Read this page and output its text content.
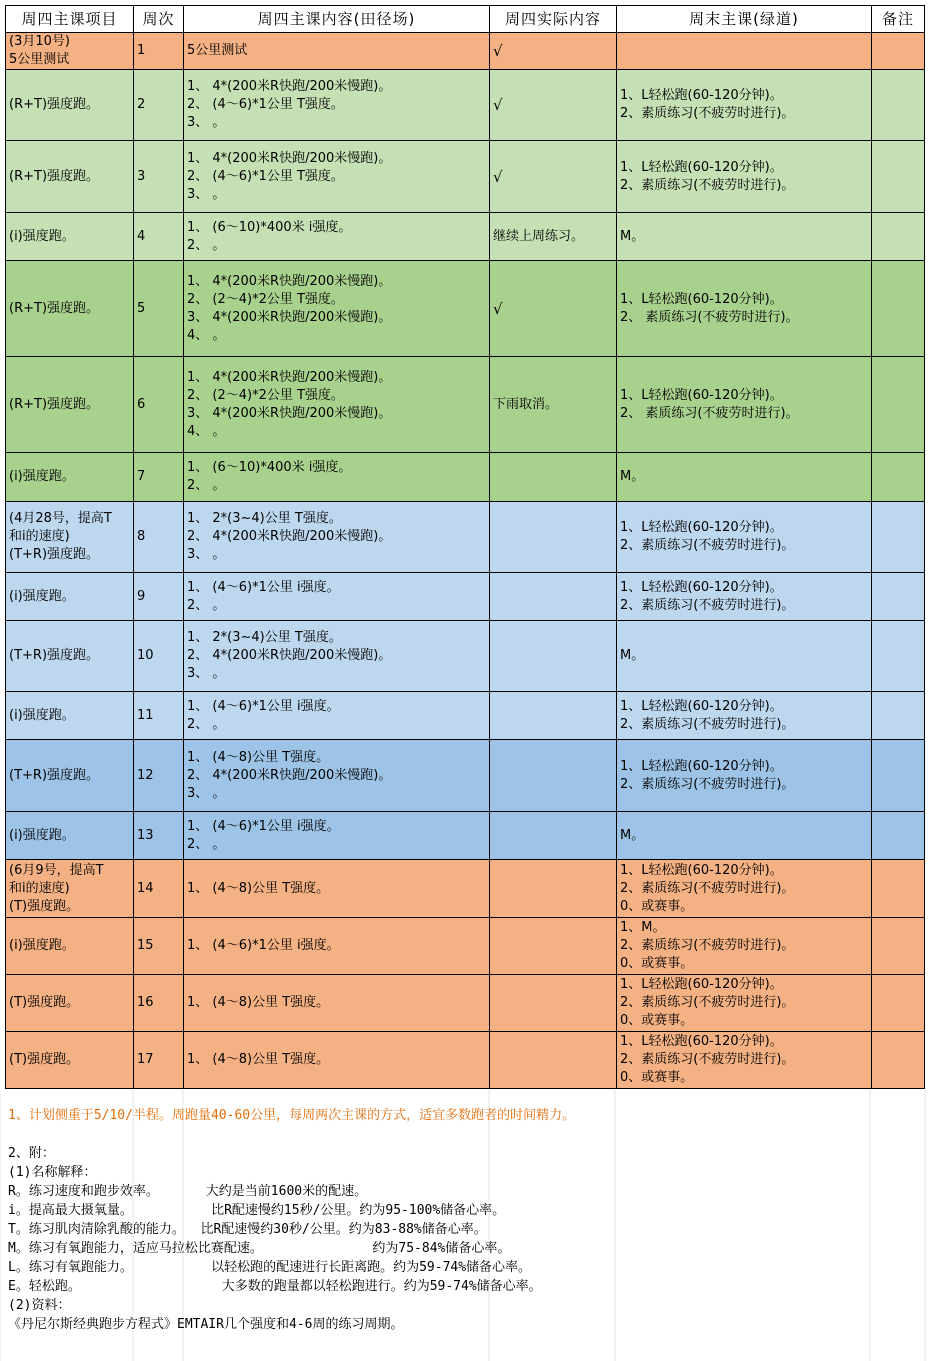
周四主课项目	周次	周四主课内容(田径场)	周四实际内容	周末主课(绿道)	备注

(3月10号)
5公里测试	1	5公里测试	√		

(R+T)强度跑。	2	1、 4*(200米R快跑/200米慢跑)。
2、 (4～6)*1公里 T强度。
3、 。	√	1、L轻松跑(60-120分钟)。
2、素质练习(不疲劳时进行)。	

(R+T)强度跑。	3	1、 4*(200米R快跑/200米慢跑)。
2、 (4～6)*1公里 T强度。
3、 。	√	1、L轻松跑(60-120分钟)。
2、素质练习(不疲劳时进行)。	

(i)强度跑。	4	1、 (6～10)*400米 i强度。
2、 。	继续上周练习。	M。	

(R+T)强度跑。	5	1、 4*(200米R快跑/200米慢跑)。
2、 (2～4)*2公里 T强度。
3、 4*(200米R快跑/200米慢跑)。
4、 。	√	1、L轻松跑(60-120分钟)。
2、 素质练习(不疲劳时进行)。	

(R+T)强度跑。	6	1、 4*(200米R快跑/200米慢跑)。
2、 (2～4)*2公里 T强度。
3、 4*(200米R快跑/200米慢跑)。
4、 。	下雨取消。	1、L轻松跑(60-120分钟)。
2、 素质练习(不疲劳时进行)。	

(i)强度跑。	7	1、 (6～10)*400米 i强度。
2、 。		M。	

(4月28号，提高T
和i的速度)
(T+R)强度跑。	8	1、 2*(3~4)公里 T强度。
2、 4*(200米R快跑/200米慢跑)。
3、 。		1、L轻松跑(60-120分钟)。
2、素质练习(不疲劳时进行)。	

(i)强度跑。	9	1、 (4～6)*1公里 i强度。
2、 。		1、L轻松跑(60-120分钟)。
2、素质练习(不疲劳时进行)。	

(T+R)强度跑。	10	1、 2*(3~4)公里 T强度。
2、 4*(200米R快跑/200米慢跑)。
3、 。		M。	

(i)强度跑。	11	1、 (4～6)*1公里 i强度。
2、 。		1、L轻松跑(60-120分钟)。
2、素质练习(不疲劳时进行)。	

(T+R)强度跑。	12	1、 (4～8)公里 T强度。
2、 4*(200米R快跑/200米慢跑)。
3、 。		1、L轻松跑(60-120分钟)。
2、素质练习(不疲劳时进行)。	

(i)强度跑。	13	1、 (4～6)*1公里 i强度。
2、 。		M。	

(6月9号，提高T
和i的速度)
(T)强度跑。	14	1、 (4～8)公里 T强度。		1、L轻松跑(60-120分钟)。
2、素质练习(不疲劳时进行)。
0、或赛事。	

(i)强度跑。	15	1、 (4～6)*1公里 i强度。		1、M。
2、素质练习(不疲劳时进行)。
0、或赛事。	

(T)强度跑。	16	1、 (4～8)公里 T强度。		1、L轻松跑(60-120分钟)。
2、素质练习(不疲劳时进行)。
0、或赛事。	

(T)强度跑。	17	1、 (4～8)公里 T强度。		1、L轻松跑(60-120分钟)。
2、素质练习(不疲劳时进行)。
0、或赛事。	

1、计划侧重于5/10/半程。周跑量40-60公里，每周两次主课的方式，适宜多数跑者的时间精力。

2、附：
(1)名称解释：
R。练习速度和跑步效率。      大约是当前1600米的配速。
i。提高最大摄氧量。          比R配速慢约15秒/公里。约为95-100%储备心率。
T。练习肌肉清除乳酸的能力。  比R配速慢约30秒/公里。约为83-88%储备心率。
M。练习有氧跑能力，适应马拉松比赛配速。              约为75-84%储备心率。
L。练习有氧跑能力。          以轻松跑的配速进行长距离跑。约为59-74%储备心率。
E。轻松跑。                  大多数的跑量都以轻松跑进行。约为59-74%储备心率。
(2)资料：
《丹尼尔斯经典跑步方程式》EMTAIR几个强度和4-6周的练习周期。
